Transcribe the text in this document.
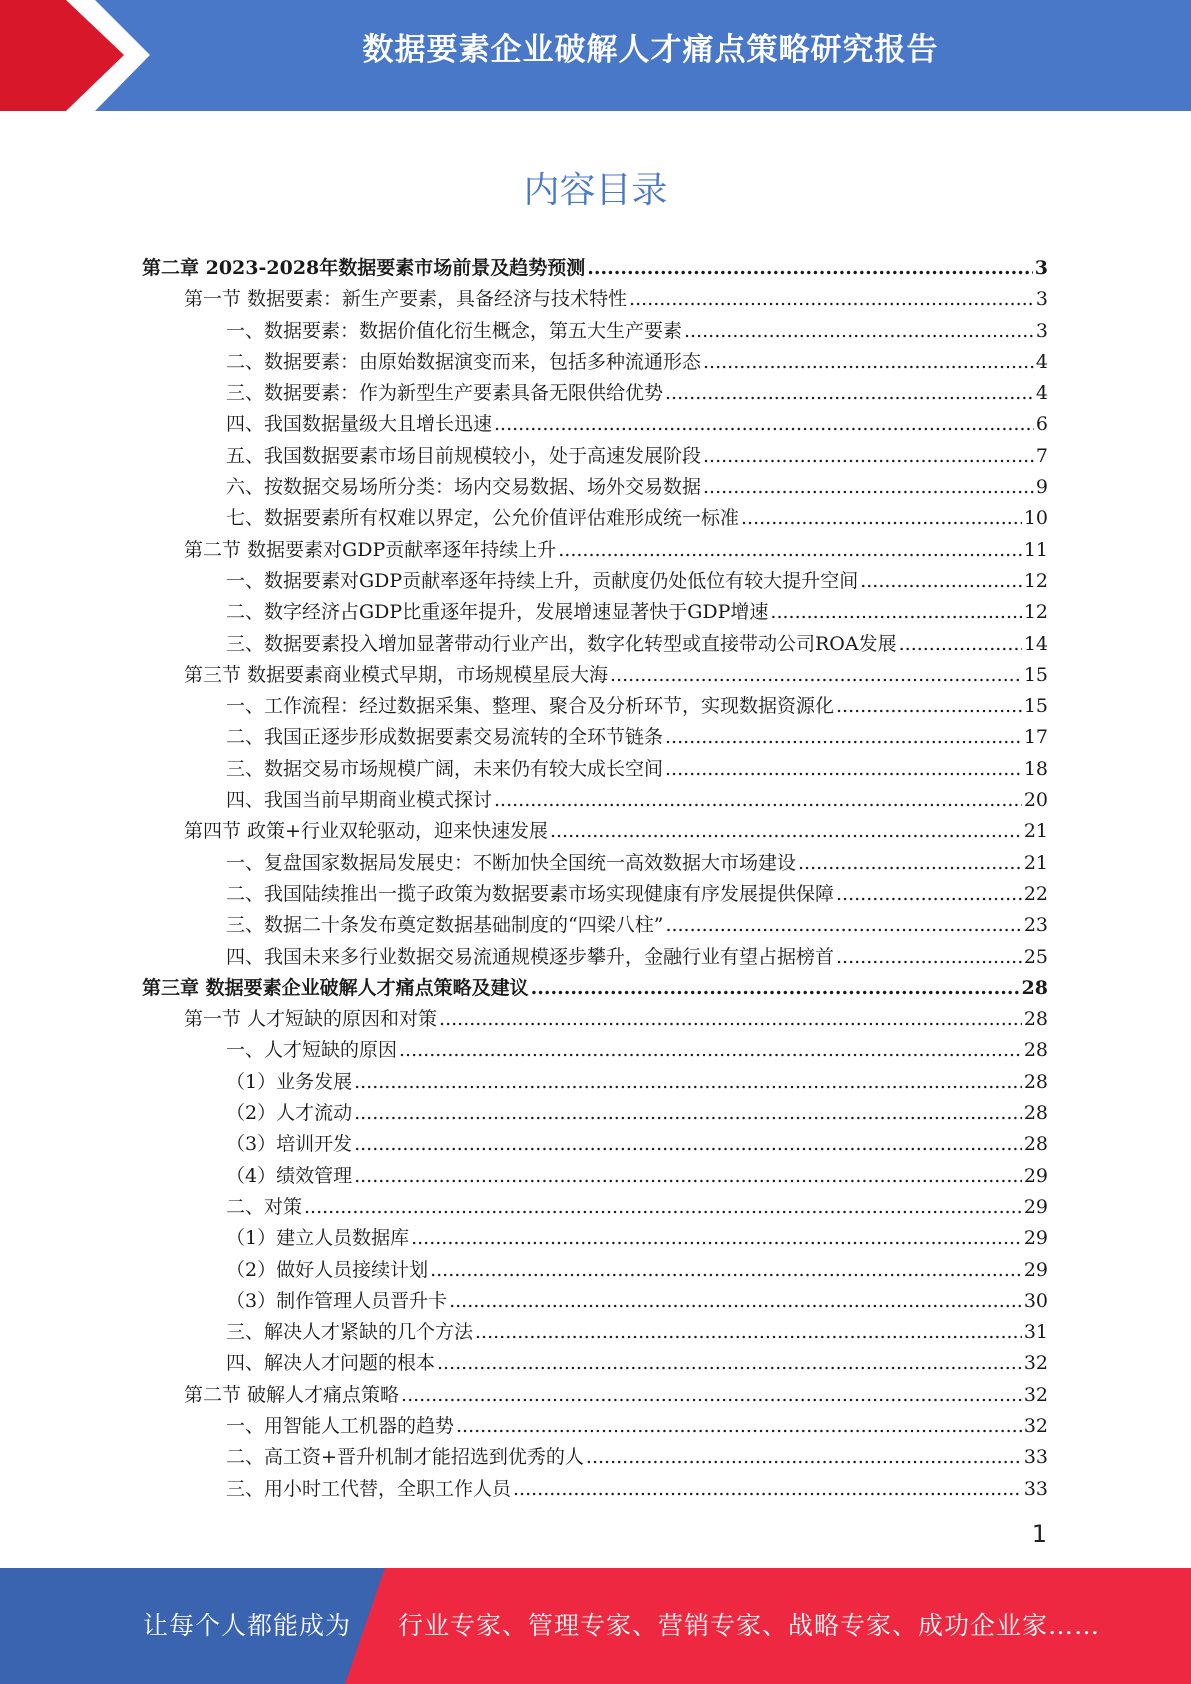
数据要素企业破解人才痛点策略研究报告
内容目录
第二章 2023-2028年数据要素市场前景及趋势预测 .....	3
第一节 数据要素：新生产要素，具备经济与技术特性 .....	3
一、数据要素：数据价值化衍生概念，第五大生产要素 .....	3
二、数据要素：由原始数据演变而来，包括多种流通形态 .....	4
三、数据要素：作为新型生产要素具备无限供给优势 .....	4
四、我国数据量级大且增长迅速 .....	6
五、我国数据要素市场目前规模较小，处于高速发展阶段 .....	7
六、按数据交易场所分类：场内交易数据、场外交易数据 .....	9
七、数据要素所有权难以界定，公允价值评估难形成统一标准 .....	10
第二节 数据要素对GDP贡献率逐年持续上升 .....	11
一、数据要素对GDP贡献率逐年持续上升，贡献度仍处低位有较大提升空间 .....	12
二、数字经济占GDP比重逐年提升，发展增速显著快于GDP增速 .....	12
三、数据要素投入增加显著带动行业产出，数字化转型或直接带动公司ROA发展 .....	14
第三节 数据要素商业模式早期，市场规模星辰大海 .....	15
一、工作流程：经过数据采集、整理、聚合及分析环节，实现数据资源化 .....	15
二、我国正逐步形成数据要素交易流转的全环节链条 .....	17
三、数据交易市场规模广阔，未来仍有较大成长空间 .....	18
四、我国当前早期商业模式探讨 .....	20
第四节 政策+行业双轮驱动，迎来快速发展 .....	21
一、复盘国家数据局发展史：不断加快全国统一高效数据大市场建设 .....	21
二、我国陆续推出一揽子政策为数据要素市场实现健康有序发展提供保障 .....	22
三、数据二十条发布奠定数据基础制度的“四梁八柱” .....	23
四、我国未来多行业数据交易流通规模逐步攀升，金融行业有望占据榜首 .....	25
第三章 数据要素企业破解人才痛点策略及建议 .....	28
第一节 人才短缺的原因和对策 .....	28
一、人才短缺的原因 .....	28
（1）业务发展 .....	28
（2）人才流动 .....	28
（3）培训开发 .....	28
（4）绩效管理 .....	29
二、对策 .....	29
（1）建立人员数据库 .....	29
（2）做好人员接续计划 .....	29
（3）制作管理人员晋升卡 .....	30
三、解决人才紧缺的几个方法 .....	31
四、解决人才问题的根本 .....	32
第二节 破解人才痛点策略 .....	32
一、用智能人工机器的趋势 .....	32
二、高工资+晋升机制才能招选到优秀的人 .....	33
三、用小时工代替，全职工作人员 .....	33
1
让每个人都能成为 行业专家、管理专家、营销专家、战略专家、成功企业家……
